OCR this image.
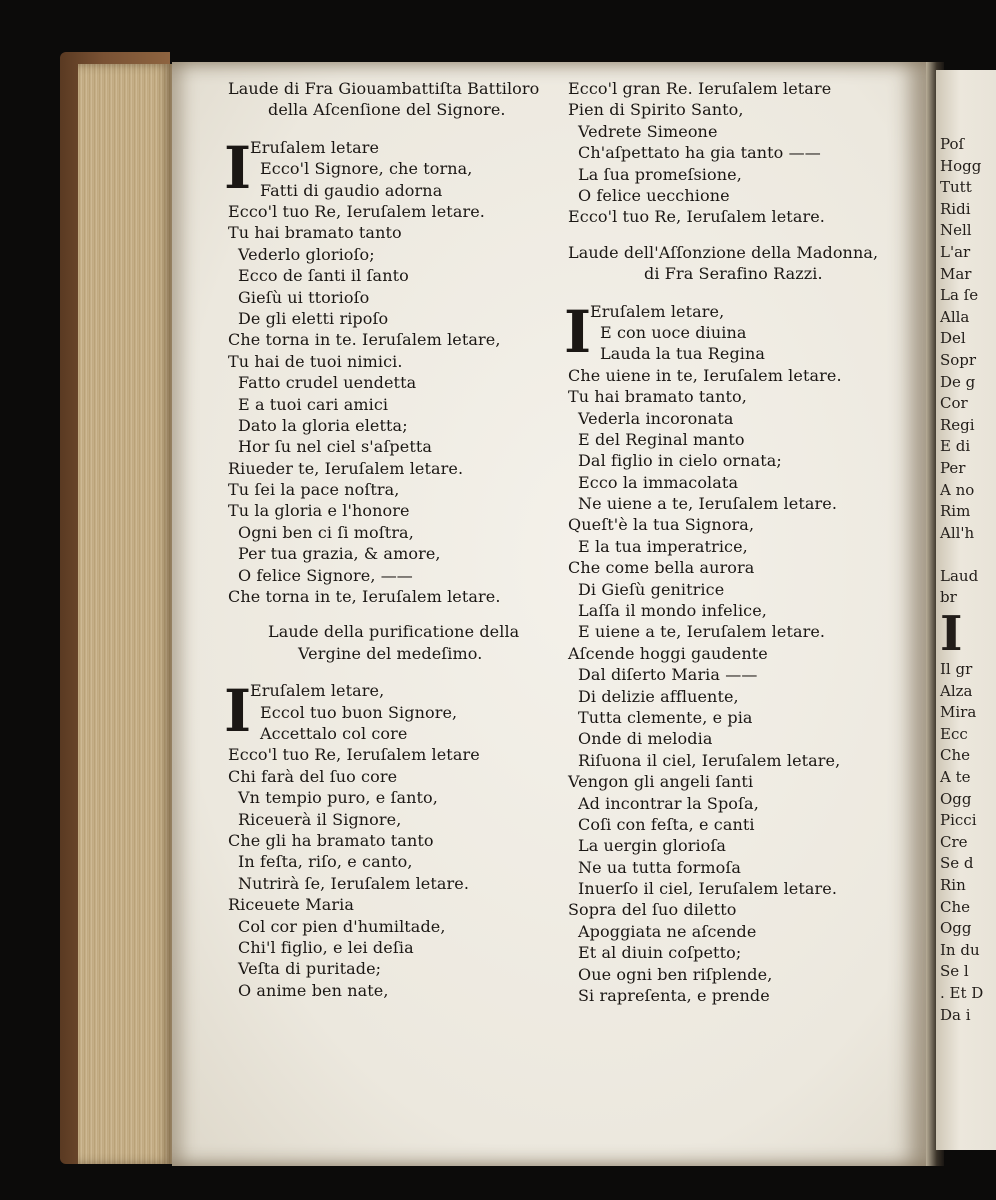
Poſ
Hogg
Tutt
Ridi
Nell
L'ar
Mar
La ſe
Alla
Del
Sopr
De g
Cor
Regi
E di
Per
A no
Rim
All'h
Laud
br
I
Il gr
Alza
Mira
Ecc
Che
A te
Ogg
Picci
Cre
Se d
Rin
Che
Ogg
In du
Se l
. Et D
Da i
Laude di Fra Giouambattiſta Battiloro
della Aſcenſione del Signore.
I
Eruſalem letare
Ecco'l Signore, che torna,
Fatti di gaudio adorna
Ecco'l tuo Re, Ieruſalem letare.
Tu hai bramato tanto
Vederlo glorioſo;
Ecco de ſanti il ſanto
Gieſù ui ttorioſo
De gli eletti ripoſo
Che torna in te. Ieruſalem letare,
Tu hai de tuoi nimici.
Fatto crudel uendetta
E a tuoi cari amici
Dato la gloria eletta;
Hor ſu nel ciel s'aſpetta
Riueder te, Ieruſalem letare.
Tu ſei la pace noſtra,
Tu la gloria e l'honore
Ogni ben ci ſi moſtra,
Per tua grazia, & amore,
O felice Signore, ——
Che torna in te, Ieruſalem letare.
Laude della purificatione della
Vergine del medeſimo.
I
Eruſalem letare,
Eccol tuo buon Signore,
Accettalo col core
Ecco'l tuo Re, Ieruſalem letare
Chi farà del ſuo core
Vn tempio puro, e ſanto,
Riceuerà il Signore,
Che gli ha bramato tanto
In feſta, riſo, e canto,
Nutrirà ſe, Ieruſalem letare.
Riceuete Maria
Col cor pien d'humiltade,
Chi'l figlio, e lei deſia
Veſta di puritade;
O anime ben nate,
Ecco'l gran Re. Ieruſalem letare
Pien di Spirito Santo,
Vedrete Simeone
Ch'aſpettato ha gia tanto ——
La ſua promeſsione,
O felice uecchione
Ecco'l tuo Re, Ieruſalem letare.
Laude dell'Aſſonzione della Madonna,
di Fra Serafino Razzi.
I
Eruſalem letare,
E con uoce diuina
Lauda la tua Regina
Che uiene in te, Ieruſalem letare.
Tu hai bramato tanto,
Vederla incoronata
E del Reginal manto
Dal figlio in cielo ornata;
Ecco la immacolata
Ne uiene a te, Ieruſalem letare.
Queſt'è la tua Signora,
E la tua imperatrice,
Che come bella aurora
Di Gieſù genitrice
Laſſa il mondo infelice,
E uiene a te, Ieruſalem letare.
Aſcende hoggi gaudente
Dal diſerto Maria ——
Di delizie affluente,
Tutta clemente, e pia
Onde di melodia
Riſuona il ciel, Ieruſalem letare,
Vengon gli angeli ſanti
Ad incontrar la Spoſa,
Coſi con feſta, e canti
La uergin glorioſa
Ne ua tutta formoſa
Inuerſo il ciel, Ieruſalem letare.
Sopra del ſuo diletto
Apoggiata ne aſcende
Et al diuin coſpetto;
Oue ogni ben riſplende,
Si rapreſenta, e prende
